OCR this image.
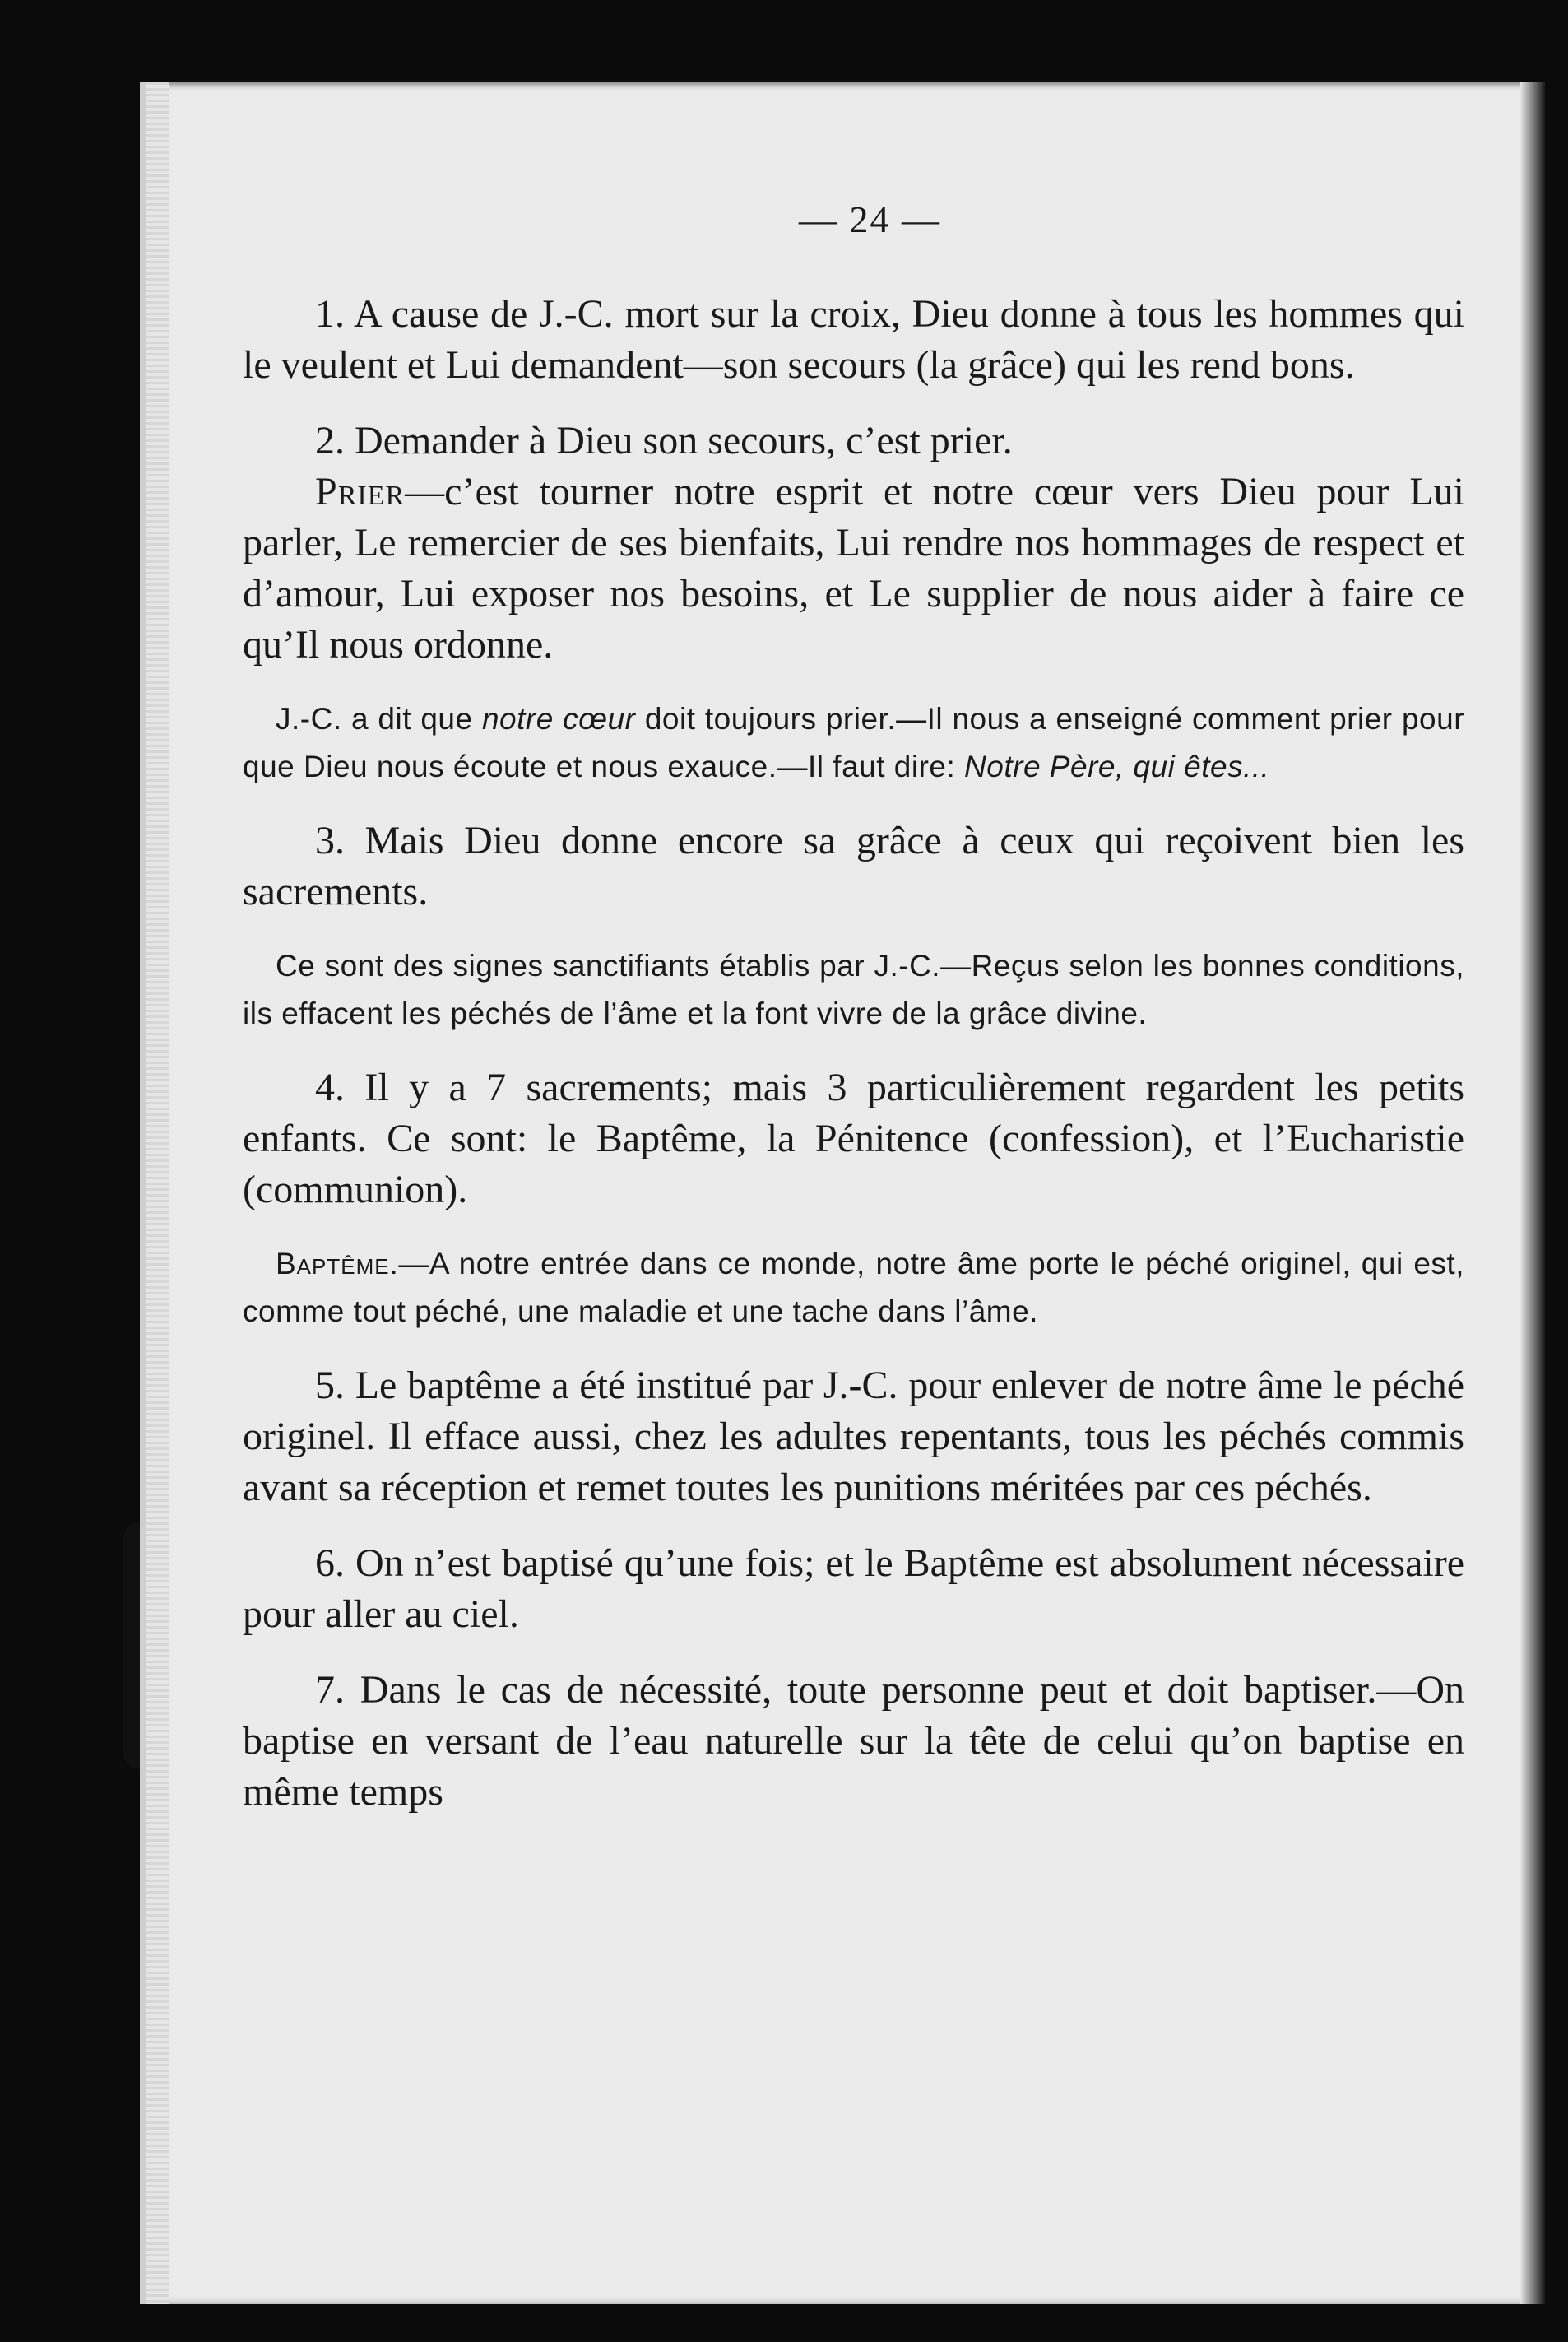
— 24 —

1. A cause de J.-C. mort sur la croix, Dieu donne à tous les hommes qui le veulent et Lui demandent—son secours (la grâce) qui les rend bons.

2. Demander à Dieu son secours, c’est prier.

Prier—c’est tourner notre esprit et notre cœur vers Dieu pour Lui parler, Le remercier de ses bienfaits, Lui rendre nos hommages de respect et d’amour, Lui exposer nos besoins, et Le supplier de nous aider à faire ce qu’Il nous ordonne.

J.-C. a dit que notre cœur doit toujours prier.—Il nous a enseigné comment prier pour que Dieu nous écoute et nous exauce.—Il faut dire: Notre Père, qui êtes...

3. Mais Dieu donne encore sa grâce à ceux qui reçoivent bien les sacrements.

Ce sont des signes sanctifiants établis par J.-C.—Reçus selon les bonnes conditions, ils effacent les péchés de l’âme et la font vivre de la grâce divine.

4. Il y a 7 sacrements; mais 3 particulièrement regardent les petits enfants. Ce sont: le Baptême, la Pénitence (confession), et l’Eucharistie (communion).

Baptême.—A notre entrée dans ce monde, notre âme porte le péché originel, qui est, comme tout péché, une maladie et une tache dans l’âme.

5. Le baptême a été institué par J.-C. pour enlever de notre âme le péché originel. Il efface aussi, chez les adultes repentants, tous les péchés commis avant sa réception et remet toutes les punitions méritées par ces péchés.

6. On n’est baptisé qu’une fois; et le Baptême est absolument nécessaire pour aller au ciel.

7. Dans le cas de nécessité, toute personne peut et doit baptiser.—On baptise en versant de l’eau naturelle sur la tête de celui qu’on baptise en même temps
